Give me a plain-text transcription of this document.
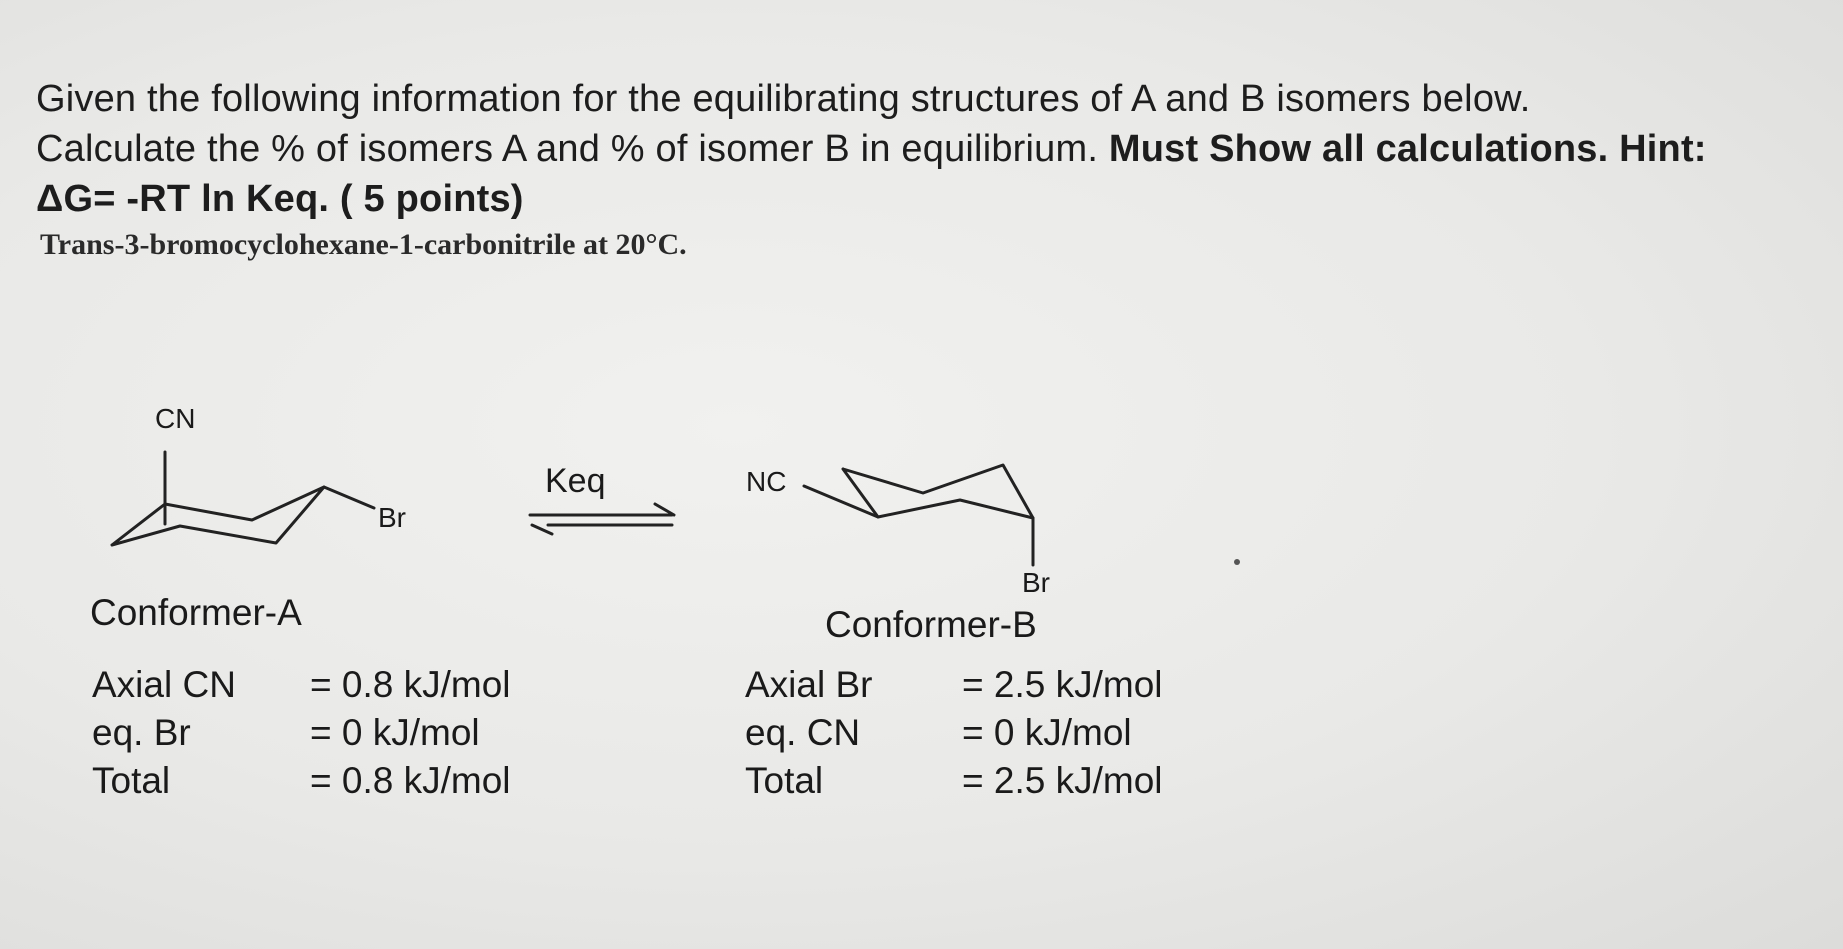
Given the following information for the equilibrating structures of A and B isomers below.
Calculate the % of isomers A and % of isomer B in equilibrium. Must Show all calculations. Hint:
ΔG= -RT ln Keq. ( 5 points)
Trans-3-bromocyclohexane-1-carbonitrile at 20°C.
CN
Br
NC
Br
Keq
Conformer-A	Conformer-B
Axial CN = 0.8 kJ/mol
eq. Br	= 0 kJ/mol
Total	= 0.8 kJ/mol
Axial Br = 2.5 kJ/mol
eq. CN	= 0 kJ/mol
Total	= 2.5 kJ/mol
